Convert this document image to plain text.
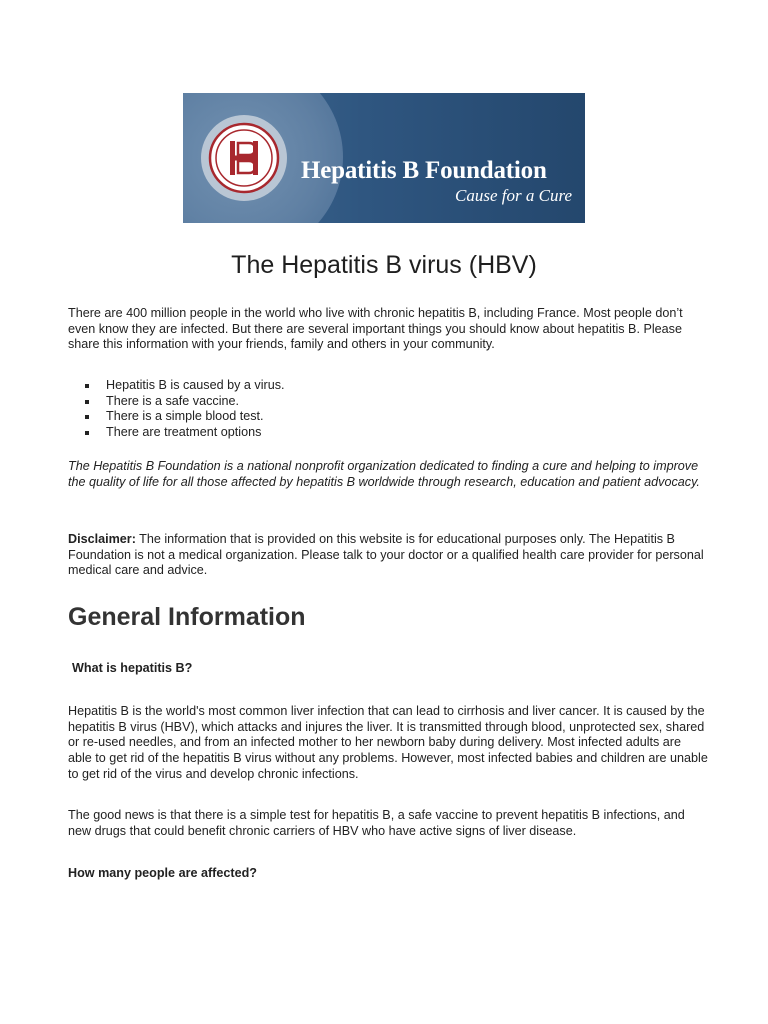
Hepatitis B Foundation
Cause for a Cure
The Hepatitis B virus (HBV)

There are 400 million people in the world who live with chronic hepatitis B, including France. Most people don’t even know they are infected. But there are several important things you should know about hepatitis B. Please share this information with your friends, family and others in your community.

Hepatitis B is caused by a virus.
There is a safe vaccine.
There is a simple blood test.
There are treatment options

The Hepatitis B Foundation is a national nonprofit organization dedicated to finding a cure and helping to improve the quality of life for all those affected by hepatitis B worldwide through research, education and patient advocacy.

Disclaimer: The information that is provided on this website is for educational purposes only. The Hepatitis B Foundation is not a medical organization. Please talk to your doctor or a qualified health care provider for personal medical care and advice.

General Information

What is hepatitis B?

Hepatitis B is the world's most common liver infection that can lead to cirrhosis and liver cancer. It is caused by the hepatitis B virus (HBV), which attacks and injures the liver. It is transmitted through blood, unprotected sex, shared or re-used needles, and from an infected mother to her newborn baby during delivery. Most infected adults are able to get rid of the hepatitis B virus without any problems. However, most infected babies and children are unable to get rid of the virus and develop chronic infections.

The good news is that there is a simple test for hepatitis B, a safe vaccine to prevent hepatitis B infections, and new drugs that could benefit chronic carriers of HBV who have active signs of liver disease.

How many people are affected?
